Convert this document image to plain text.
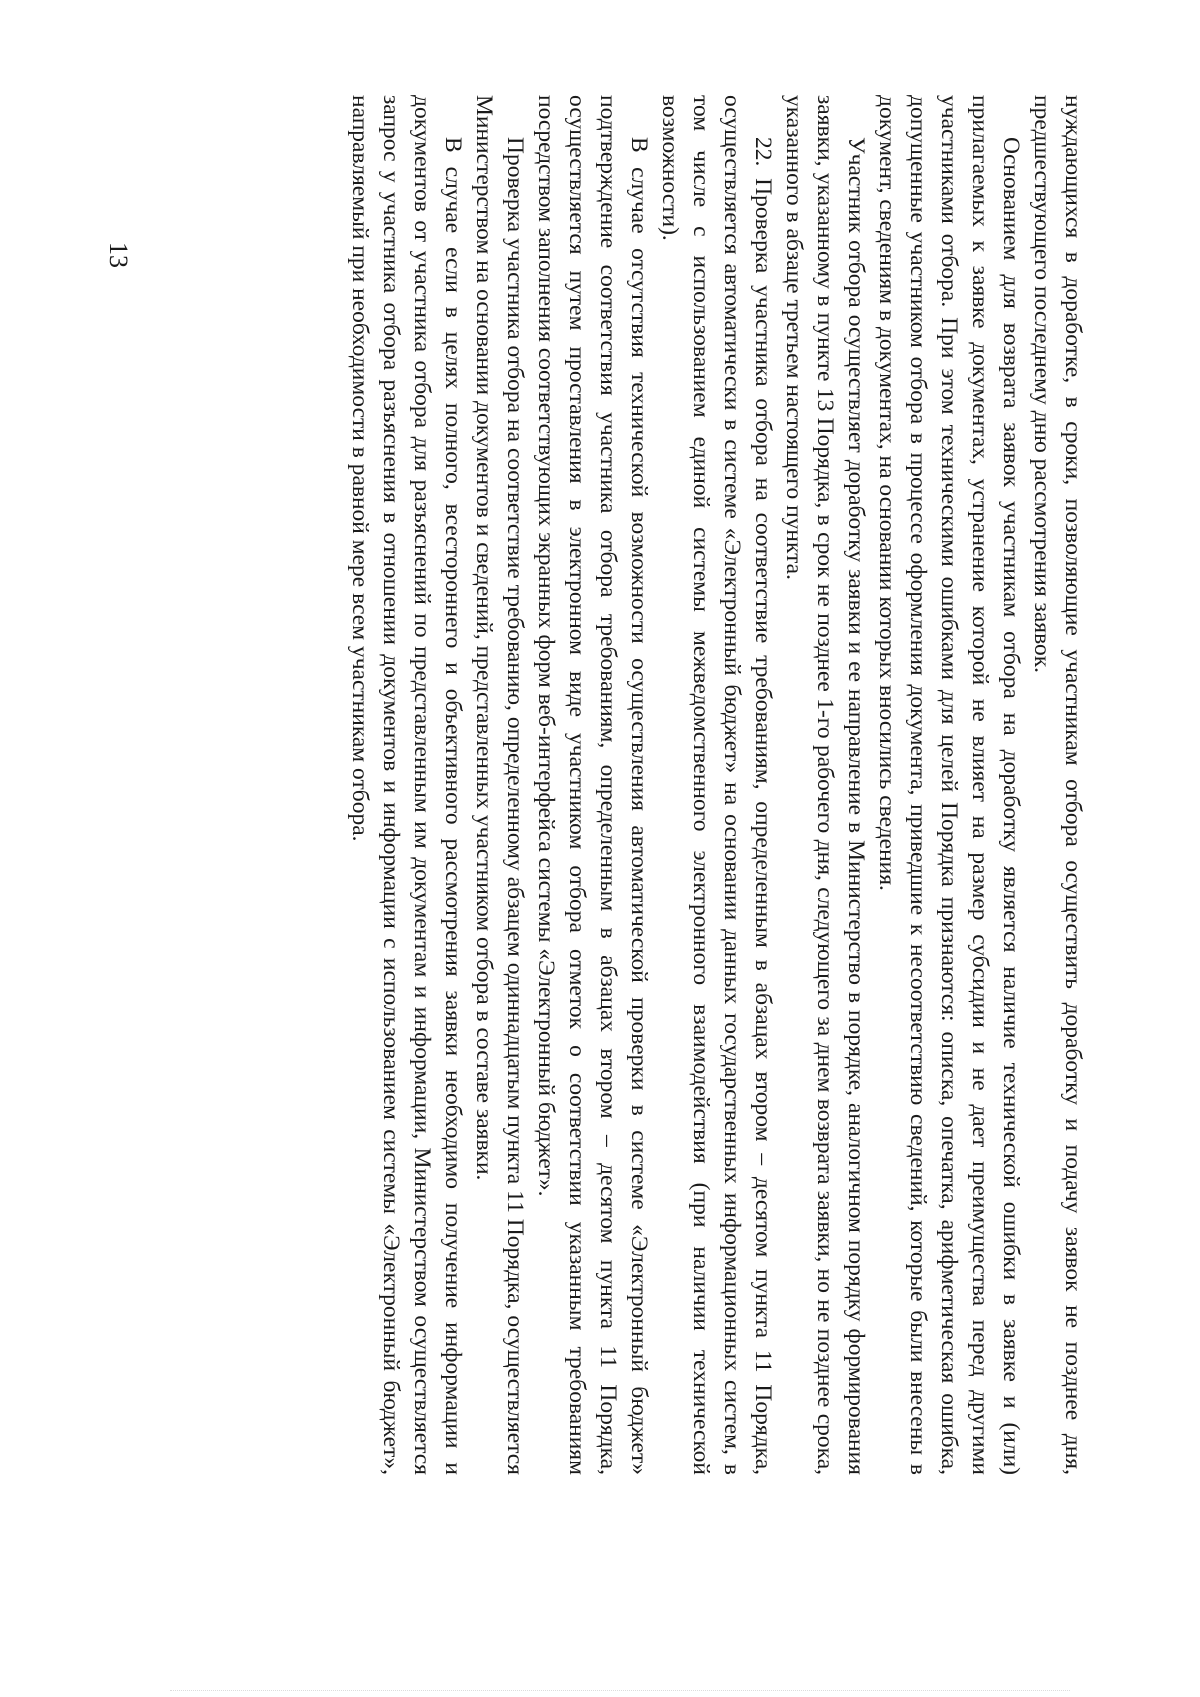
13	нуждающихся в доработке, в сроки, позволяющие участникам отбора осуществить доработку и подачу заявок не позднее дня, предшествующего последнему дню рассмотрения заявок.

Основанием для возврата заявок участникам отбора на доработку является наличие технической ошибки в заявке и (или) прилагаемых к заявке документах, устранение которой не влияет на размер субсидии и не дает преимущества перед другими участниками отбора. При этом техническими ошибками для целей Порядка признаются: описка, опечатка, арифметическая ошибка, допущенные участником отбора в процессе оформления документа, приведшие к несоответствию сведений, которые были внесены в документ, сведениям в документах, на основании которых вносились сведения.

Участник отбора осуществляет доработку заявки и ее направление в Министерство в порядке, аналогичном порядку формирования заявки, указанному в пункте 13 Порядка, в срок не позднее 1-го рабочего дня, следующего за днем возврата заявки, но не позднее срока, указанного в абзаце третьем настоящего пункта.

22. Проверка участника отбора на соответствие требованиям, определенным в абзацах втором – десятом пункта 11 Порядка, осуществляется автоматически в системе «Электронный бюджет» на основании данных государственных информационных систем, в том числе с использованием единой системы межведомственного электронного взаимодействия (при наличии технической возможности).

В случае отсутствия технической возможности осуществления автоматической проверки в системе «Электронный бюджет» подтверждение соответствия участника отбора требованиям, определенным в абзацах втором – десятом пункта 11 Порядка, осуществляется путем проставления в электронном виде участником отбора отметок о соответствии указанным требованиям посредством заполнения соответствующих экранных форм веб-интерфейса системы «Электронный бюджет».

Проверка участника отбора на соответствие требованию, определенному абзацем одиннадцатым пункта 11 Порядка, осуществляется Министерством на основании документов и сведений, представленных участником отбора в составе заявки.

В случае если в целях полного, всестороннего и объективного рассмотрения заявки необходимо получение информации и документов от участника отбора для разъяснений по представленным им документам и информации, Министерством осуществляется запрос у участника отбора разъяснения в отношении документов и информации с использованием системы «Электронный бюджет», направляемый при необходимости в равной мере всем участникам отбора.
